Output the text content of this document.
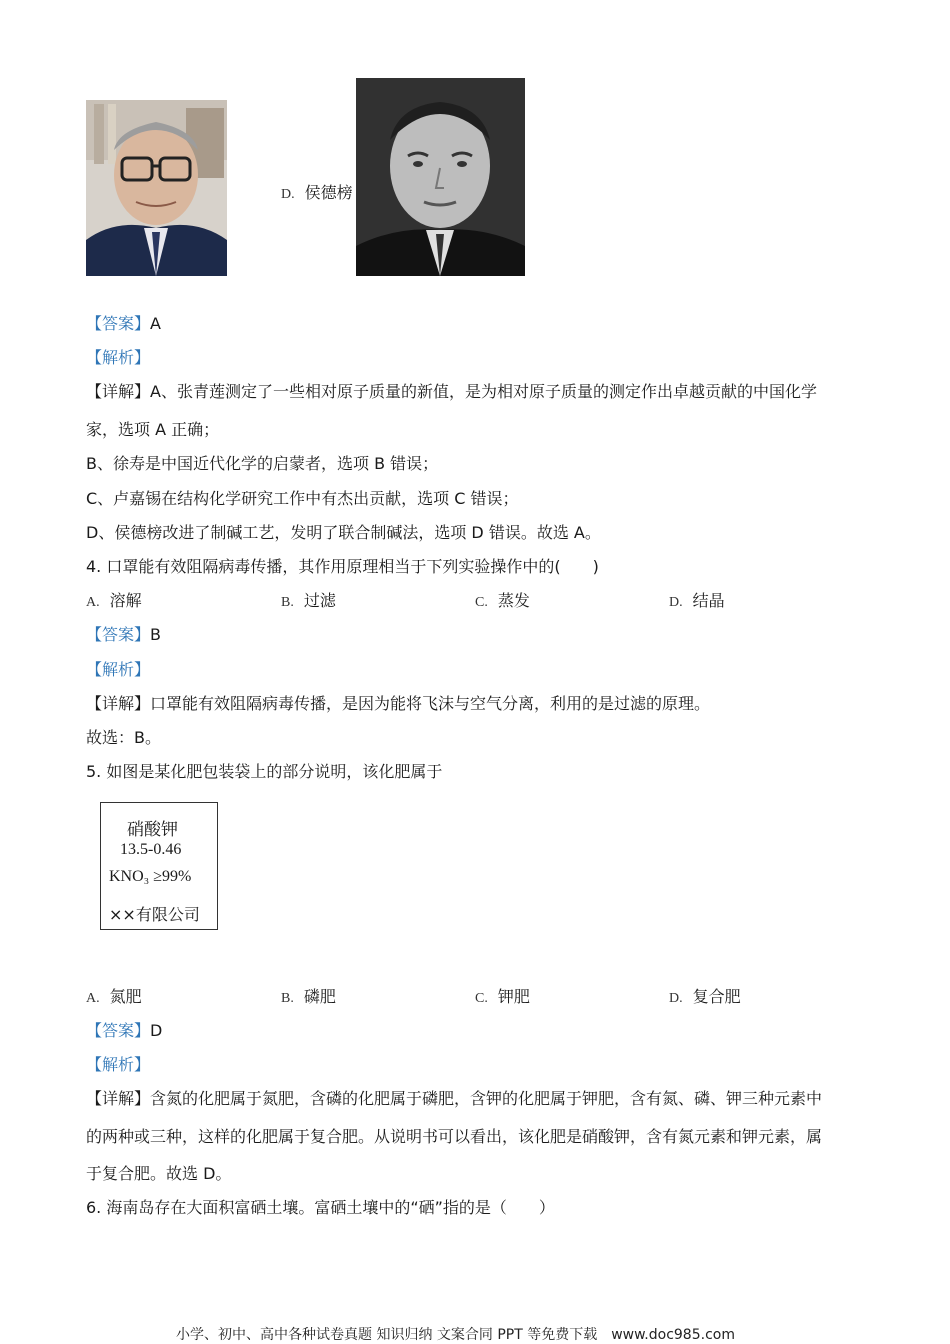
D. 侯德榜
【答案】A
【解析】
【详解】A、张青莲测定了一些相对原子质量的新值，是为相对原子质量的测定作出卓越贡献的中国化学
家，选项 A 正确；
B、徐寿是中国近代化学的启蒙者，选项 B 错误；
C、卢嘉锡在结构化学研究工作中有杰出贡献，选项 C 错误；
D、侯德榜改进了制碱工艺，发明了联合制碱法，选项 D 错误。故选 A。
4. 口罩能有效阻隔病毒传播，其作用原理相当于下列实验操作中的(　　)
A. 溶解	B. 过滤	C. 蒸发	D. 结晶
【答案】B
【解析】
【详解】口罩能有效阻隔病毒传播，是因为能将飞沫与空气分离，利用的是过滤的原理。
故选：B。
5. 如图是某化肥包装袋上的部分说明，该化肥属于
硝酸钾
13.5-0.46
KNO₃ ≥99%
××有限公司
A. 氮肥	B. 磷肥	C. 钾肥	D. 复合肥
【答案】D
【解析】
【详解】含氮的化肥属于氮肥，含磷的化肥属于磷肥，含钾的化肥属于钾肥，含有氮、磷、钾三种元素中
的两种或三种，这样的化肥属于复合肥。从说明书可以看出，该化肥是硝酸钾，含有氮元素和钾元素，属
于复合肥。故选 D。
6. 海南岛存在大面积富硒土壤。富硒土壤中的“硒”指的是（　　）
小学、初中、高中各种试卷真题 知识归纳 文案合同 PPT 等免费下载　www.doc985.com
